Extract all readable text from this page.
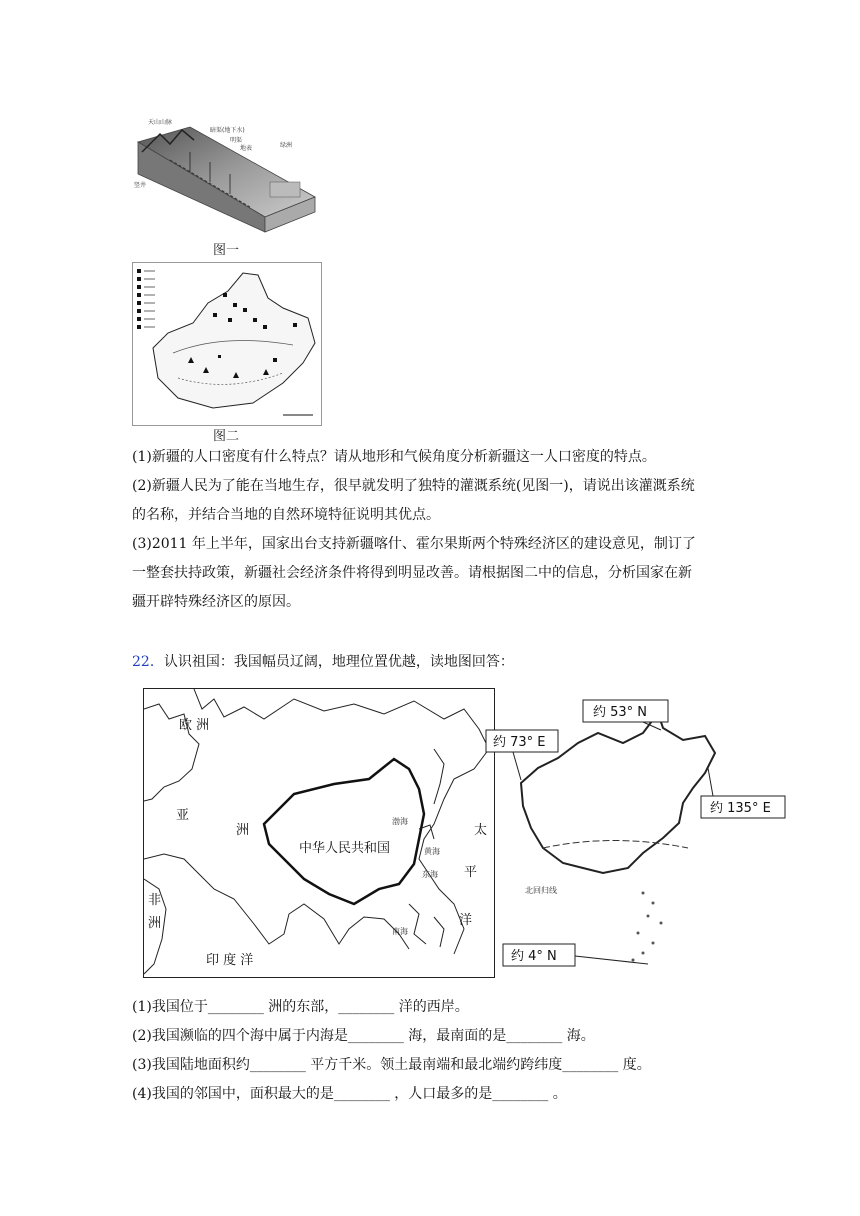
天山山脉
暗渠(地下水)
明渠
地表	绿洲
竖井
图一
图二
(1)新疆的人口密度有什么特点？请从地形和气候角度分析新疆这一人口密度的特点。
(2)新疆人民为了能在当地生存，很早就发明了独特的灌溉系统(见图一)，请说出该灌溉系统
的名称，并结合当地的自然环境特征说明其优点。
(3)2011 年上半年，国家出台支持新疆喀什、霍尔果斯两个特殊经济区的建设意见，制订了
一整套扶持政策，新疆社会经济条件将得到明显改善。请根据图二中的信息，分析国家在新
疆开辟特殊经济区的原因。
22．认识祖国：我国幅员辽阔，地理位置优越，读地图回答：
欧 洲
亚
洲
中华人民共和国
非
洲
印 度 洋
太
平
洋
渤海
黄海
东海
南海
北回归线
约 53° N
约 73° E
约 135° E
约 4° N
(1)我国位于________ 洲的东部，________ 洋的西岸。
(2)我国濒临的四个海中属于内海是________ 海，最南面的是________ 海。
(3)我国陆地面积约________ 平方千米。领土最南端和最北端约跨纬度________ 度。
(4)我国的邻国中，面积最大的是________ ，人口最多的是________ 。
